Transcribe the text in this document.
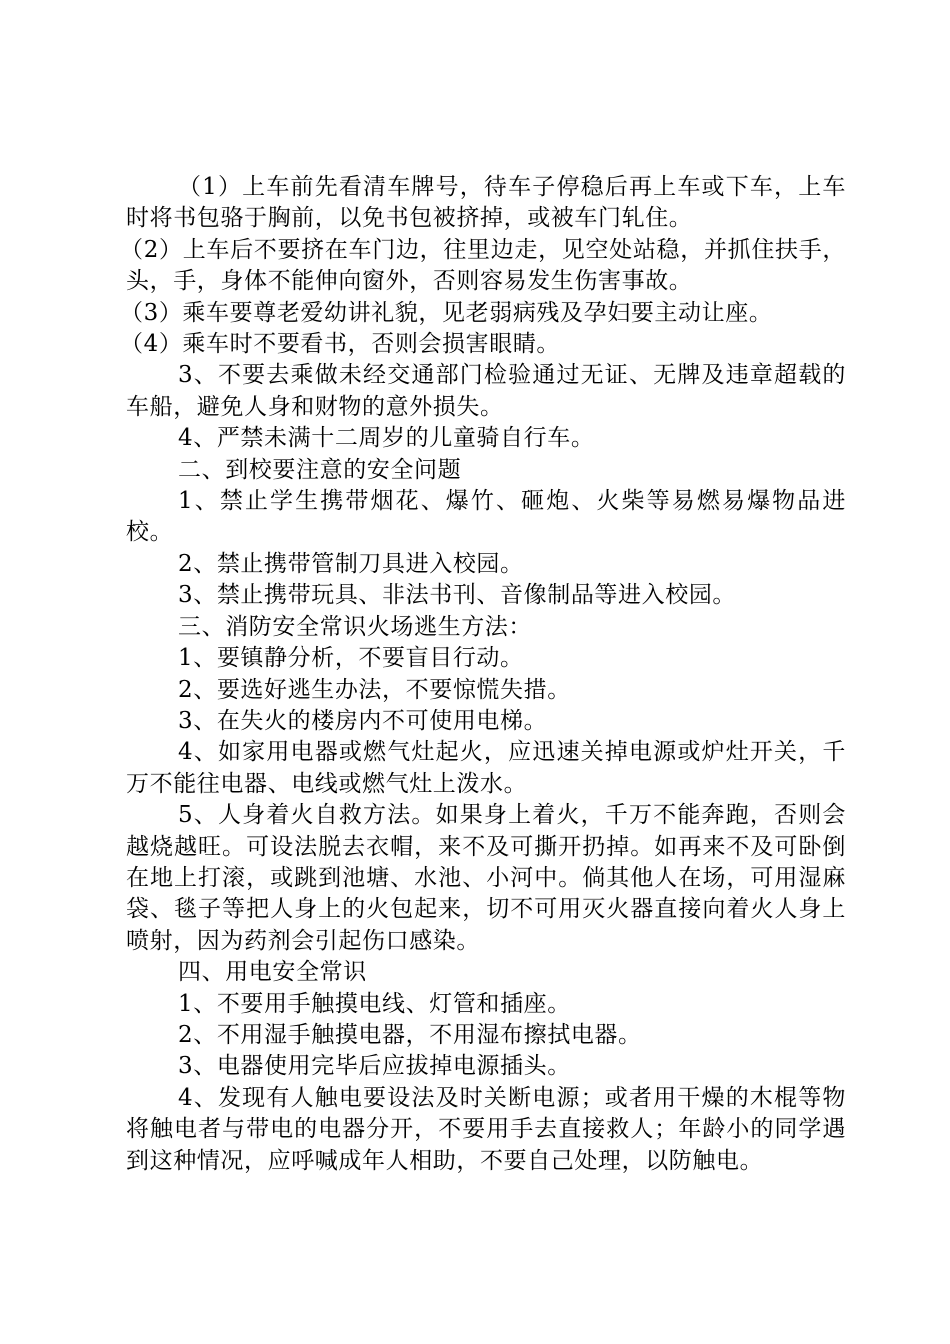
（1）上车前先看清车牌号，待车子停稳后再上车或下车，上车时将书包骆于胸前，以免书包被挤掉，或被车门轧住。

（2）上车后不要挤在车门边，往里边走，见空处站稳，并抓住扶手，头，手，身体不能伸向窗外，否则容易发生伤害事故。

（3）乘车要尊老爱幼讲礼貌，见老弱病残及孕妇要主动让座。

（4）乘车时不要看书，否则会损害眼睛。

3、不要去乘做未经交通部门检验通过无证、无牌及违章超载的车船，避免人身和财物的意外损失。

4、严禁未满十二周岁的儿童骑自行车。

二、到校要注意的安全问题

1、禁止学生携带烟花、爆竹、砸炮、火柴等易燃易爆物品进校。

2、禁止携带管制刀具进入校园。

3、禁止携带玩具、非法书刊、音像制品等进入校园。

三、消防安全常识火场逃生方法：

1、要镇静分析，不要盲目行动。

2、要选好逃生办法，不要惊慌失措。

3、在失火的楼房内不可使用电梯。

4、如家用电器或燃气灶起火，应迅速关掉电源或炉灶开关，千万不能往电器、电线或燃气灶上泼水。

5、人身着火自救方法。如果身上着火，千万不能奔跑，否则会越烧越旺。可设法脱去衣帽，来不及可撕开扔掉。如再来不及可卧倒在地上打滚，或跳到池塘、水池、小河中。倘其他人在场，可用湿麻袋、毯子等把人身上的火包起来，切不可用灭火器直接向着火人身上喷射，因为药剂会引起伤口感染。

四、用电安全常识

1、不要用手触摸电线、灯管和插座。

2、不用湿手触摸电器，不用湿布擦拭电器。

3、电器使用完毕后应拔掉电源插头。

4、发现有人触电要设法及时关断电源；或者用干燥的木棍等物将触电者与带电的电器分开，不要用手去直接救人；年龄小的同学遇到这种情况，应呼喊成年人相助，不要自己处理，以防触电。
